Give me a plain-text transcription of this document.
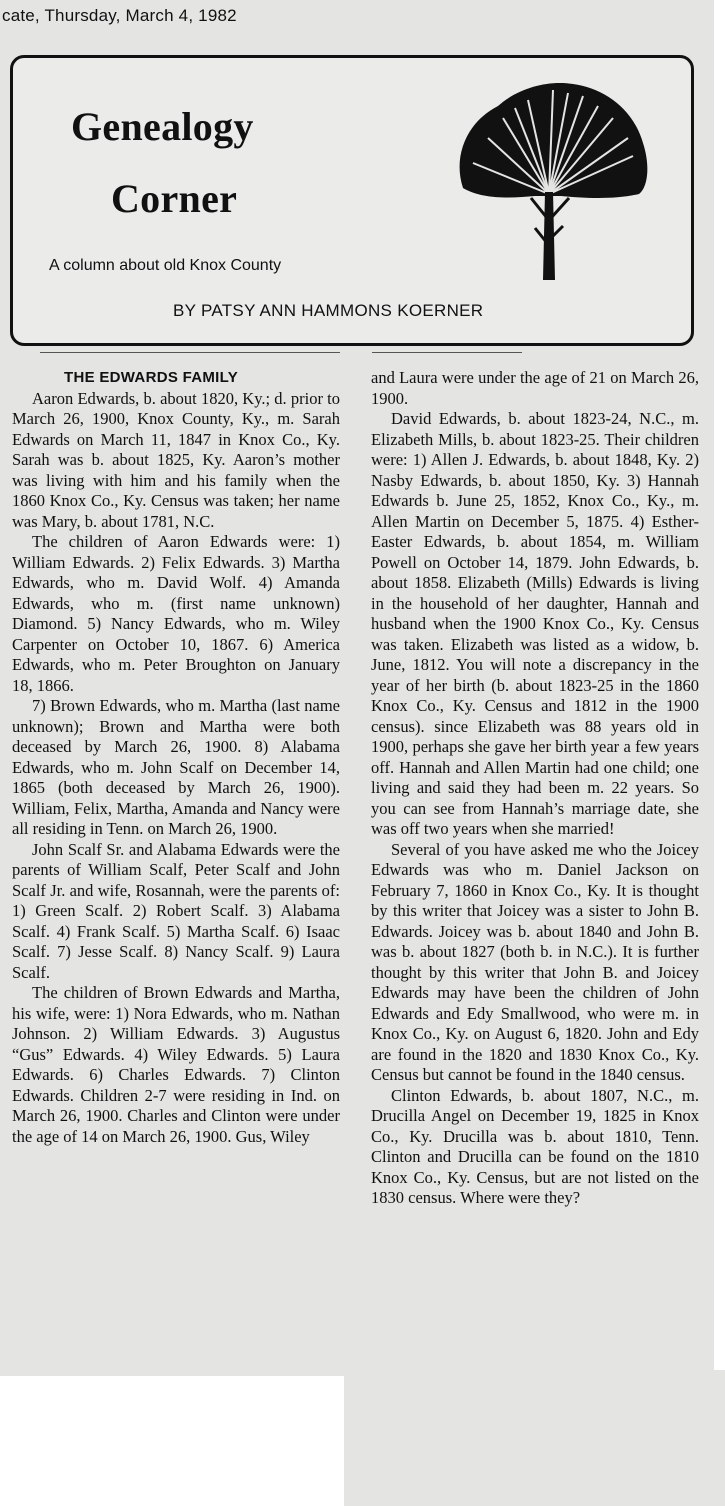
cate, Thursday, March 4, 1982
Genealogy
Corner
A column about old Knox County
BY PATSY ANN HAMMONS KOERNER

THE EDWARDS FAMILY

Aaron Edwards, b. about 1820, Ky.; d. prior to March 26, 1900, Knox County, Ky., m. Sarah Edwards on March 11, 1847 in Knox Co., Ky. Sarah was b. about 1825, Ky. Aaron’s mother was living with him and his family when the 1860 Knox Co., Ky. Census was taken; her name was Mary, b. about 1781, N.C.

The children of Aaron Edwards were: 1) William Edwards. 2) Felix Edwards. 3) Martha Edwards, who m. David Wolf. 4) Amanda Edwards, who m. (first name unknown) Diamond. 5) Nancy Edwards, who m. Wiley Carpenter on October 10, 1867. 6) America Edwards, who m. Peter Broughton on January 18, 1866.

7) Brown Edwards, who m. Martha (last name unknown); Brown and Martha were both deceased by March 26, 1900. 8) Alabama Edwards, who m. John Scalf on December 14, 1865 (both deceased by March 26, 1900). William, Felix, Martha, Amanda and Nancy were all residing in Tenn. on March 26, 1900.

John Scalf Sr. and Alabama Edwards were the parents of William Scalf, Peter Scalf and John Scalf Jr. and wife, Rosannah, were the parents of: 1) Green Scalf. 2) Robert Scalf. 3) Alabama Scalf. 4) Frank Scalf. 5) Martha Scalf. 6) Isaac Scalf. 7) Jesse Scalf. 8) Nancy Scalf. 9) Laura Scalf.

The children of Brown Edwards and Martha, his wife, were: 1) Nora Edwards, who m. Nathan Johnson. 2) William Edwards. 3) Augustus “Gus” Edwards. 4) Wiley Edwards. 5) Laura Edwards. 6) Charles Edwards. 7) Clinton Edwards. Children 2-7 were residing in Ind. on March 26, 1900. Charles and Clinton were under the age of 14 on March 26, 1900. Gus, Wiley

and Laura were under the age of 21 on March 26, 1900.

David Edwards, b. about 1823-24, N.C., m. Elizabeth Mills, b. about 1823-25. Their children were: 1) Allen J. Edwards, b. about 1848, Ky. 2) Nasby Edwards, b. about 1850, Ky. 3) Hannah Edwards b. June 25, 1852, Knox Co., Ky., m. Allen Martin on December 5, 1875. 4) Esther-Easter Edwards, b. about 1854, m. William Powell on October 14, 1879. John Edwards, b. about 1858. Elizabeth (Mills) Edwards is living in the household of her daughter, Hannah and husband when the 1900 Knox Co., Ky. Census was taken. Elizabeth was listed as a widow, b. June, 1812. You will note a discrepancy in the year of her birth (b. about 1823-25 in the 1860 Knox Co., Ky. Census and 1812 in the 1900 census). since Elizabeth was 88 years old in 1900, perhaps she gave her birth year a few years off. Hannah and Allen Martin had one child; one living and said they had been m. 22 years. So you can see from Hannah’s marriage date, she was off two years when she married!

Several of you have asked me who the Joicey Edwards was who m. Daniel Jackson on February 7, 1860 in Knox Co., Ky. It is thought by this writer that Joicey was a sister to John B. Edwards. Joicey was b. about 1840 and John B. was b. about 1827 (both b. in N.C.). It is further thought by this writer that John B. and Joicey Edwards may have been the children of John Edwards and Edy Smallwood, who were m. in Knox Co., Ky. on August 6, 1820. John and Edy are found in the 1820 and 1830 Knox Co., Ky. Census but cannot be found in the 1840 census.

Clinton Edwards, b. about 1807, N.C., m. Drucilla Angel on December 19, 1825 in Knox Co., Ky. Drucilla was b. about 1810, Tenn. Clinton and Drucilla can be found on the 1810 Knox Co., Ky. Census, but are not listed on the 1830 census. Where were they?
